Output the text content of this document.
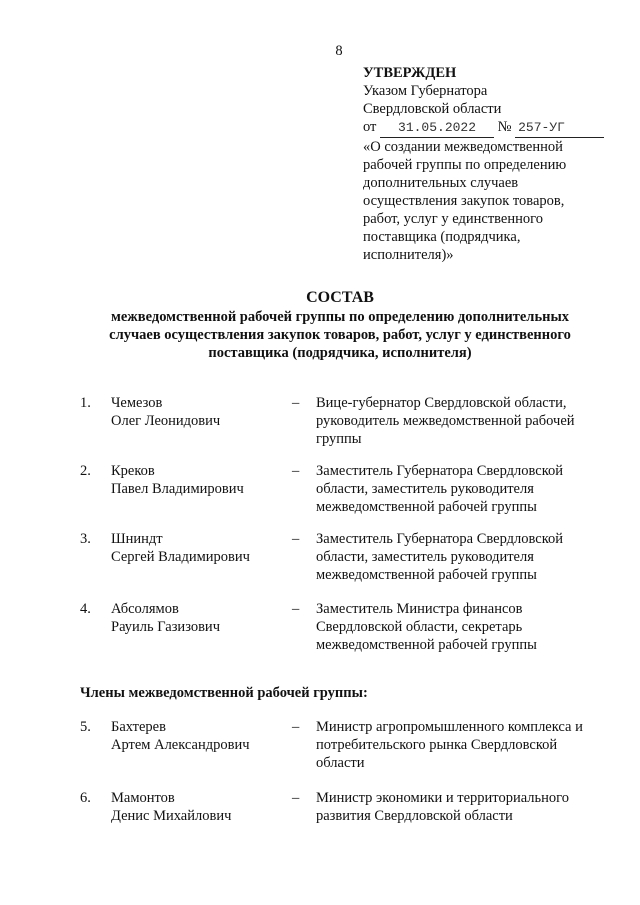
8
УТВЕРЖДЕН
Указом Губернатора
Свердловской области
от 31.05.2022 № 257-УГ
«О создании межведомственной
рабочей группы по определению
дополнительных случаев
осуществления закупок товаров,
работ, услуг у единственного
поставщика (подрядчика,
исполнителя)»
СОСТАВ
межведомственной рабочей группы по определению дополнительных
случаев осуществления закупок товаров, работ, услуг у единственного
поставщика (подрядчика, исполнителя)
1. Чемезов
Олег Леонидович
– Вице-губернатор Свердловской области,
руководитель межведомственной рабочей
группы
2. Креков
Павел Владимирович
– Заместитель Губернатора Свердловской
области, заместитель руководителя
межведомственной рабочей группы
3. Шниндт
Сергей Владимирович
– Заместитель Губернатора Свердловской
области, заместитель руководителя
межведомственной рабочей группы
4. Абсолямов
Рауиль Газизович
– Заместитель Министра финансов
Свердловской области, секретарь
межведомственной рабочей группы
Члены межведомственной рабочей группы:
5. Бахтерев
Артем Александрович
– Министр агропромышленного комплекса и
потребительского рынка Свердловской
области
6. Мамонтов
Денис Михайлович
– Министр экономики и территориального
развития Свердловской области
